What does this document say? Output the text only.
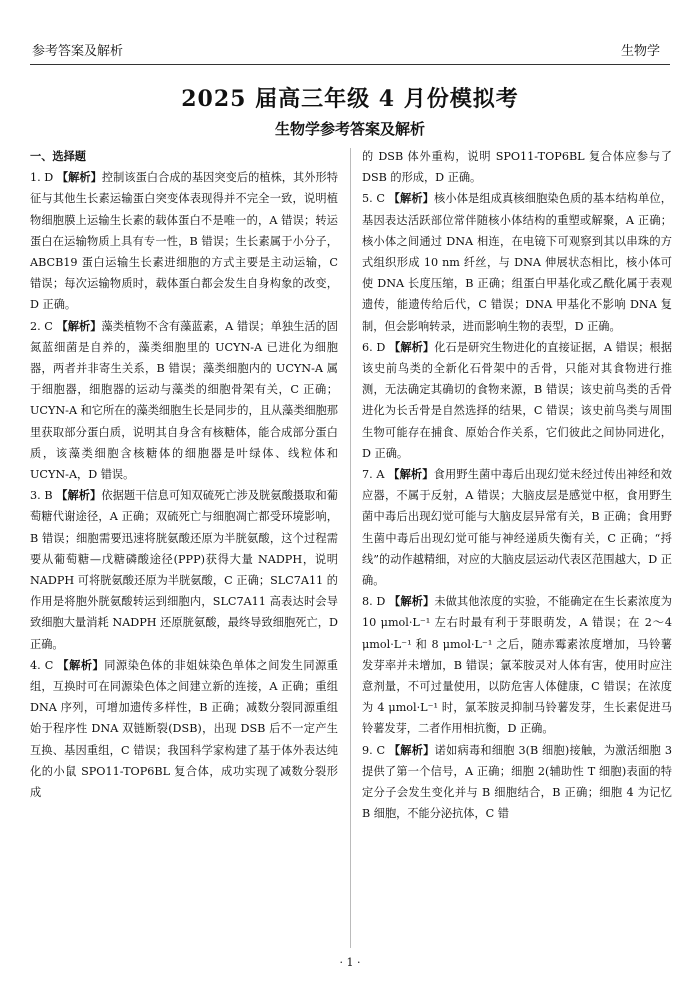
参考答案及解析	生物学
2025 届高三年级 4 月份模拟考
生物学参考答案及解析
一、选择题
1. D 【解析】控制该蛋白合成的基因突变后的植株，其外形特征与其他生长素运输蛋白突变体表现得并不完全一致，说明植物细胞膜上运输生长素的载体蛋白不是唯一的，A 错误；转运蛋白在运输物质上具有专一性，B 错误；生长素属于小分子，ABCB19 蛋白运输生长素进细胞的方式主要是主动运输，C 错误；每次运输物质时，载体蛋白都会发生自身构象的改变，D 正确。
2. C 【解析】藻类植物不含有藻蓝素，A 错误；单独生活的固氮蓝细菌是自养的，藻类细胞里的 UCYN-A 已进化为细胞器，两者并非寄生关系，B 错误；藻类细胞内的 UCYN-A 属于细胞器，细胞器的运动与藻类的细胞骨架有关，C 正确；UCYN-A 和它所在的藻类细胞生长是同步的，且从藻类细胞那里获取部分蛋白质，说明其自身含有核糖体，能合成部分蛋白质，该藻类细胞含核糖体的细胞器是叶绿体、线粒体和 UCYN-A，D 错误。
3. B 【解析】依据题干信息可知双硫死亡涉及胱氨酸摄取和葡萄糖代谢途径，A 正确；双硫死亡与细胞凋亡都受环境影响，B 错误；细胞需要迅速将胱氨酸还原为半胱氨酸，这个过程需要从葡萄糖—戊糖磷酸途径(PPP)获得大量 NADPH，说明 NADPH 可将胱氨酸还原为半胱氨酸，C 正确；SLC7A11 的作用是将胞外胱氨酸转运到细胞内，SLC7A11 高表达时会导致细胞大量消耗 NADPH 还原胱氨酸，最终导致细胞死亡，D 正确。
4. C 【解析】同源染色体的非姐妹染色单体之间发生同源重组，互换时可在同源染色体之间建立新的连接，A 正确；重组 DNA 序列，可增加遗传多样性，B 正确；减数分裂同源重组始于程序性 DNA 双链断裂(DSB)，出现 DSB 后不一定产生互换、基因重组，C 错误；我国科学家构建了基于体外表达纯化的小鼠 SPO11-TOP6BL 复合体，成功实现了减数分裂形成
的 DSB 体外重构，说明 SPO11-TOP6BL 复合体应参与了 DSB 的形成，D 正确。
5. C 【解析】核小体是组成真核细胞染色质的基本结构单位，基因表达活跃部位常伴随核小体结构的重塑或解聚，A 正确；核小体之间通过 DNA 相连，在电镜下可观察到其以串珠的方式组织形成 10 nm 纤丝，与 DNA 伸展状态相比，核小体可使 DNA 长度压缩，B 正确；组蛋白甲基化或乙酰化属于表观遗传，能遗传给后代，C 错误；DNA 甲基化不影响 DNA 复制，但会影响转录，进而影响生物的表型，D 正确。
6. D 【解析】化石是研究生物进化的直接证据，A 错误；根据该史前鸟类的全新化石骨架中的舌骨，只能对其食物进行推测，无法确定其确切的食物来源，B 错误；该史前鸟类的舌骨进化为长舌骨是自然选择的结果，C 错误；该史前鸟类与周围生物可能存在捕食、原始合作关系，它们彼此之间协同进化，D 正确。
7. A 【解析】食用野生菌中毒后出现幻觉未经过传出神经和效应器，不属于反射，A 错误；大脑皮层是感觉中枢，食用野生菌中毒后出现幻觉可能与大脑皮层异常有关，B 正确；食用野生菌中毒后出现幻觉可能与神经递质失衡有关，C 正确；“捋线”的动作越精细，对应的大脑皮层运动代表区范围越大，D 正确。
8. D 【解析】未做其他浓度的实验，不能确定在生长素浓度为 10 μmol·L⁻¹ 左右时最有利于芽眼萌发，A 错误；在 2～4 μmol·L⁻¹ 和 8 μmol·L⁻¹ 之后，随赤霉素浓度增加，马铃薯发芽率并未增加，B 错误；氯苯胺灵对人体有害，使用时应注意剂量，不可过量使用，以防危害人体健康，C 错误；在浓度为 4 μmol·L⁻¹ 时，氯苯胺灵抑制马铃薯发芽，生长素促进马铃薯发芽，二者作用相抗衡，D 正确。
9. C 【解析】诺如病毒和细胞 3(B 细胞)接触，为激活细胞 3 提供了第一个信号，A 正确；细胞 2(辅助性 T 细胞)表面的特定分子会发生变化并与 B 细胞结合，B 正确；细胞 4 为记忆 B 细胞，不能分泌抗体，C 错
· 1 ·
